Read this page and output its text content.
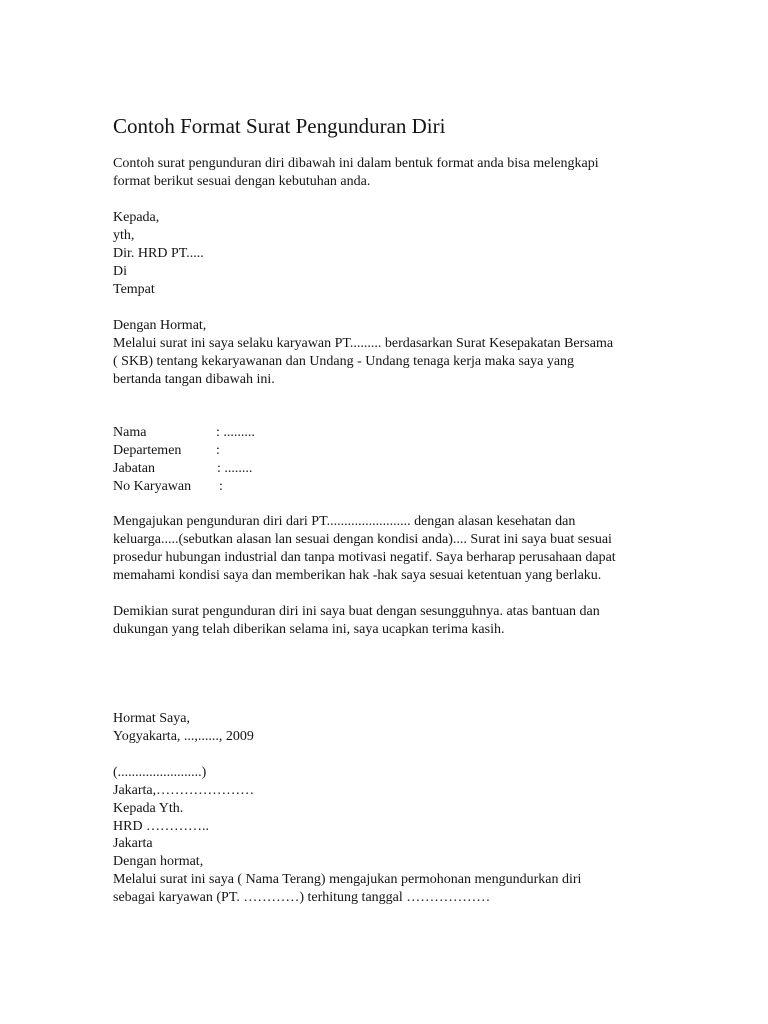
Contoh Format Surat Pengunduran Diri
Contoh surat pengunduran diri dibawah ini dalam bentuk format anda bisa melengkapi
format berikut sesuai dengan kebutuhan anda.
Kepada,
yth,
Dir. HRD PT.....
Di
Tempat
Dengan Hormat,
Melalui surat ini saya selaku karyawan PT......... berdasarkan Surat Kesepakatan Bersama
( SKB) tentang kekaryawanan dan Undang - Undang tenaga kerja maka saya yang
bertanda tangan dibawah ini.
Nama	: .........
Departemen :
Jabatan	: ........
No Karyawan :
Mengajukan pengunduran diri dari PT........................ dengan alasan kesehatan dan
keluarga.....(sebutkan alasan lan sesuai dengan kondisi anda).... Surat ini saya buat sesuai
prosedur hubungan industrial dan tanpa motivasi negatif. Saya berharap perusahaan dapat
memahami kondisi saya dan memberikan hak -hak saya sesuai ketentuan yang berlaku.
Demikian surat pengunduran diri ini saya buat dengan sesungguhnya. atas bantuan dan
dukungan yang telah diberikan selama ini, saya ucapkan terima kasih.
Hormat Saya,
Yogyakarta, ...,......, 2009
(........................)
Jakarta,…………………
Kepada Yth.
HRD …………..
Jakarta
Dengan hormat,
Melalui surat ini saya ( Nama Terang) mengajukan permohonan mengundurkan diri
sebagai karyawan (PT. …………) terhitung tanggal ………………
